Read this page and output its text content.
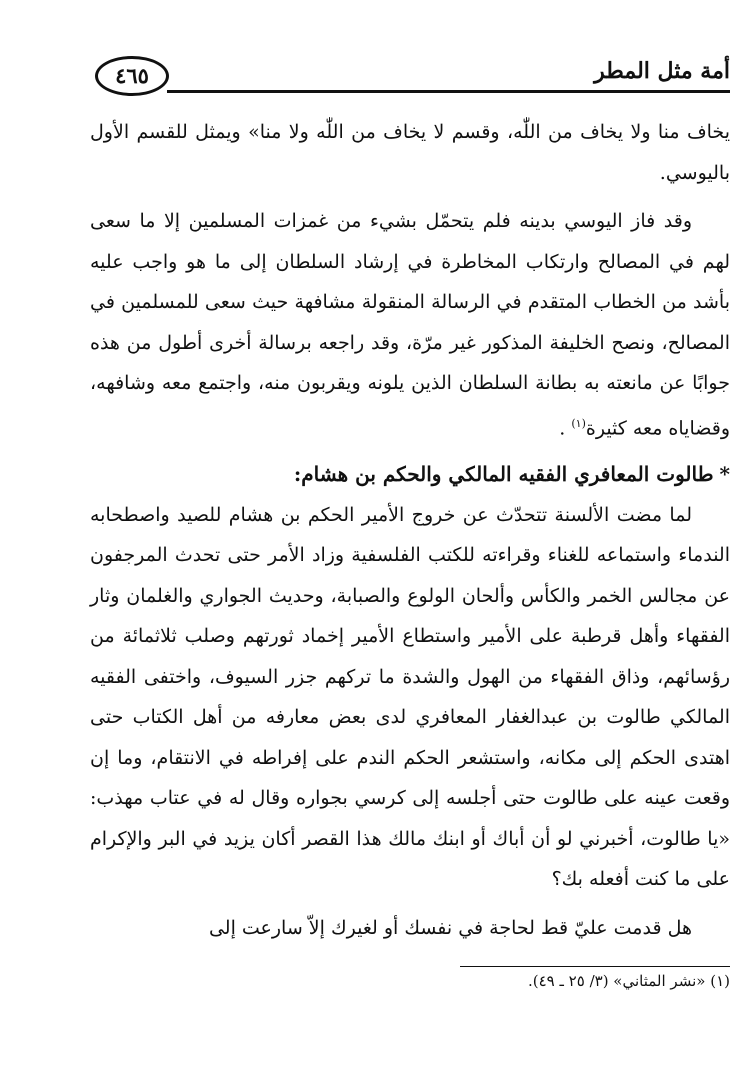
أمة مثل المطر
٤٦٥

يخاف منا ولا يخاف من اللّٰه، وقسم لا يخاف من اللّٰه ولا منا» ويمثل للقسم الأول باليوسي.

وقد فاز اليوسي بدينه فلم يتحمّل بشيء من غمزات المسلمين إلا ما سعى لهم في المصالح وارتكاب المخاطرة في إرشاد السلطان إلى ما هو واجب عليه بأشد من الخطاب المتقدم في الرسالة المنقولة مشافهة حيث سعى للمسلمين في المصالح، ونصح الخليفة المذكور غير مرّة، وقد راجعه برسالة أخرى أطول من هذه جوابًا عن مانعته به بطانة السلطان الذين يلونه ويقربون منه، واجتمع معه وشافهه، وقضاياه معه كثيرة$^{(١)}$ .

*طالوت المعافري الفقيه المالكي والحكم بن هشام:

لما مضت الألسنة تتحدّث عن خروج الأمير الحكم بن هشام للصيد واصطحابه الندماء واستماعه للغناء وقراءته للكتب الفلسفية وزاد الأمر حتى تحدث المرجفون عن مجالس الخمر والكأس وألحان الولوع والصبابة، وحديث الجواري والغلمان وثار الفقهاء وأهل قرطبة على الأمير واستطاع الأمير إخماد ثورتهم وصلب ثلاثمائة من رؤسائهم، وذاق الفقهاء من الهول والشدة ما تركهم جزر السيوف، واختفى الفقيه المالكي طالوت بن عبدالغفار المعافري لدى بعض معارفه من أهل الكتاب حتى اهتدى الحكم إلى مكانه، واستشعر الحكم الندم على إفراطه في الانتقام، وما إن وقعت عينه على طالوت حتى أجلسه إلى كرسي بجواره وقال له في عتاب مهذب: «يا طالوت، أخبرني لو أن أباك أو ابنك مالك هذا القصر أكان يزيد في البر والإكرام على ما كنت أفعله بك؟

هل قدمت عليّ قط لحاجة في نفسك أو لغيرك إلاّ سارعت إلى

(١) «نشر المثاني» (٣/ ٢٥ ـ ٤٩).
